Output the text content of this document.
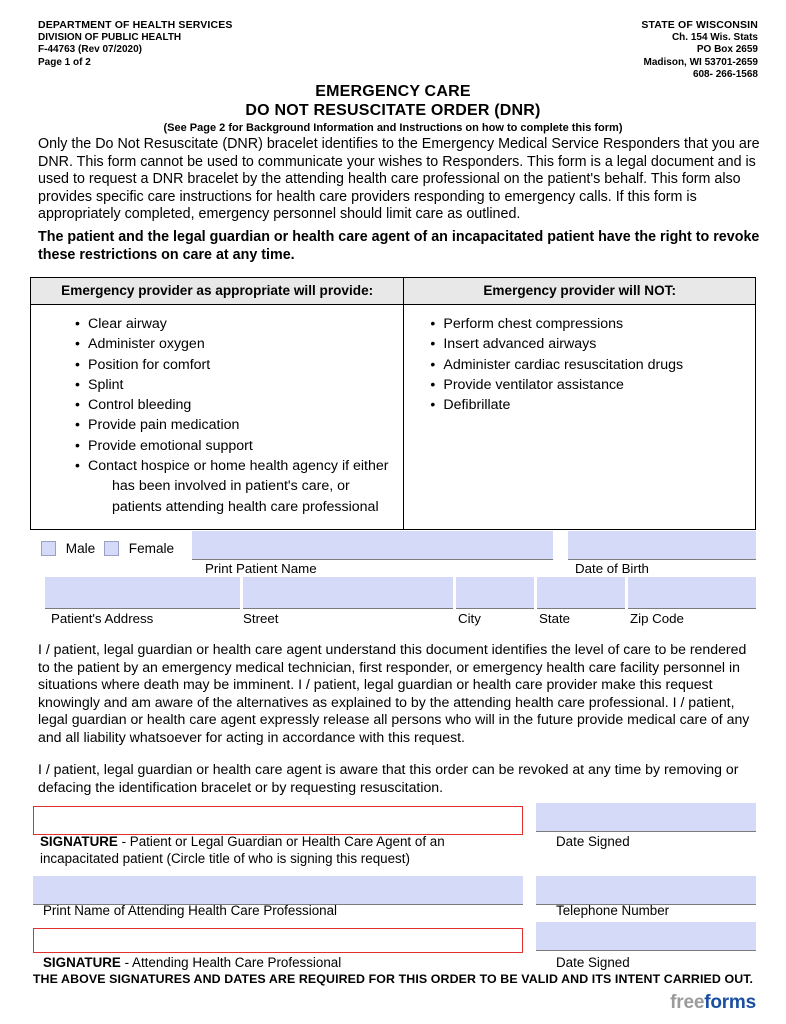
DEPARTMENT OF HEALTH SERVICES
DIVISION OF PUBLIC HEALTH
F-44763 (Rev 07/2020)
Page 1 of 2
STATE OF WISCONSIN
Ch. 154 Wis. Stats
PO Box 2659
Madison, WI 53701-2659
608- 266-1568
EMERGENCY CARE
DO NOT RESUSCITATE ORDER (DNR)
(See Page 2 for Background Information and Instructions on how to complete this form)
Only the Do Not Resuscitate (DNR) bracelet identifies to the Emergency Medical Service Responders that you are DNR. This form cannot be used to communicate your wishes to Responders. This form is a legal document and is used to request a DNR bracelet by the attending health care professional on the patient's behalf. This form also provides specific care instructions for health care providers responding to emergency calls. If this form is appropriately completed, emergency personnel should limit care as outlined.
The patient and the legal guardian or health care agent of an incapacitated patient have the right to revoke these restrictions on care at any time.
Emergency provider as appropriate will provide:	Emergency provider will NOT:

• Clear airway
• Administer oxygen
• Position for comfort
• Splint
• Control bleeding
• Provide pain medication
• Provide emotional support
• Contact hospice or home health agency if either
has been involved in patient's care, or
patients attending health care professional

• Perform chest compressions
• Insert advanced airways
• Administer cardiac resuscitation drugs
• Provide ventilator assistance
• Defibrillate
Male	Female
Print Patient Name	Date of Birth
Patient's Address	Street	City	State	Zip Code
I / patient, legal guardian or health care agent understand this document identifies the level of care to be rendered to the patient by an emergency medical technician, first responder, or emergency health care facility personnel in situations where death may be imminent. I / patient, legal guardian or health care provider make this request knowingly and am aware of the alternatives as explained to by the attending health care professional. I / patient, legal guardian or health care agent expressly release all persons who will in the future provide medical care of any and all liability whatsoever for acting in accordance with this request.
I / patient, legal guardian or health care agent is aware that this order can be revoked at any time by removing or defacing the identification bracelet or by requesting resuscitation.
SIGNATURE - Patient or Legal Guardian or Health Care Agent of an incapacitated patient (Circle title of who is signing this request)
Date Signed
Print Name of Attending Health Care Professional	Telephone Number
SIGNATURE - Attending Health Care Professional	Date Signed
THE ABOVE SIGNATURES AND DATES ARE REQUIRED FOR THIS ORDER TO BE VALID AND ITS INTENT CARRIED OUT.
freeforms
